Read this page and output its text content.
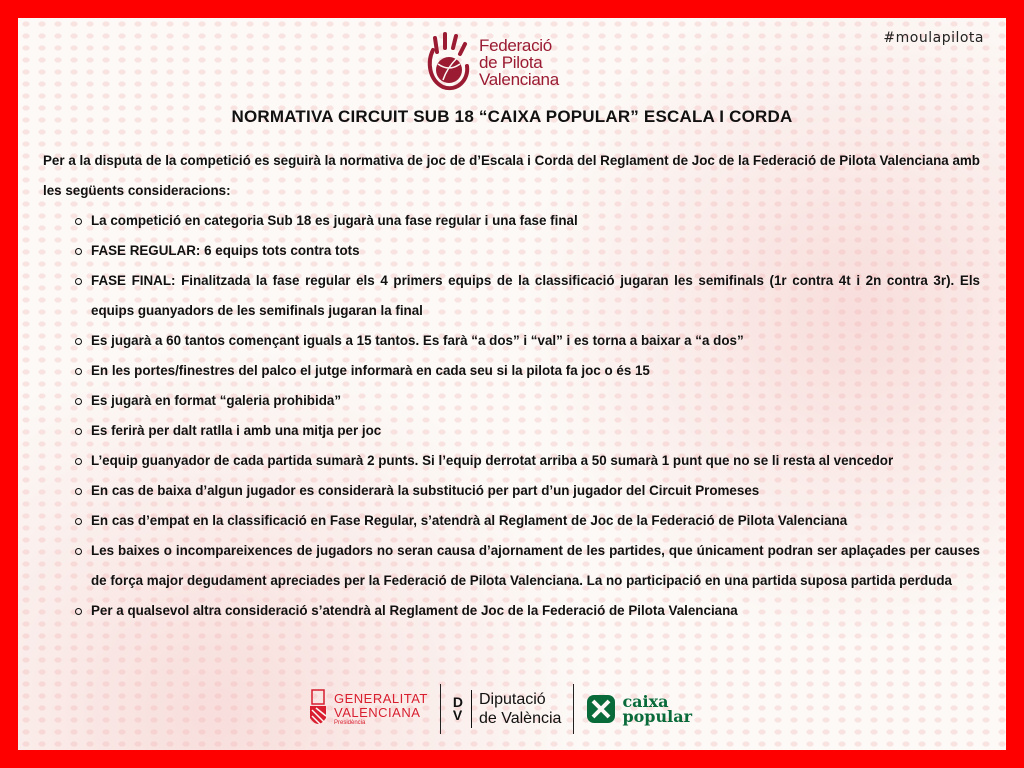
#moulapilota
Federació
de Pilota
Valenciana
NORMATIVA CIRCUIT SUB 18 “CAIXA POPULAR” ESCALA I CORDA
Per a la disputa de la competició es seguirà la normativa de joc de d’Escala i Corda del Reglament de Joc de la Federació de Pilota Valenciana amb les següents consideracions:
La competició en categoria Sub 18 es jugarà una fase regular i una fase final
FASE REGULAR: 6 equips tots contra tots
FASE FINAL: Finalitzada la fase regular els 4 primers equips de la classificació jugaran les semifinals (1r contra 4t i 2n contra 3r). Els equips guanyadors de les semifinals jugaran la final
Es jugarà a 60 tantos començant iguals a 15 tantos. Es farà “a dos” i “val” i es torna a baixar a “a dos”
En les portes/finestres del palco el jutge informarà en cada seu si la pilota fa joc o és 15
Es jugarà en format “galeria prohibida”
Es ferirà per dalt ratlla i amb una mitja per joc
L’equip guanyador de cada partida sumarà 2 punts. Si l’equip derrotat arriba a 50 sumarà 1 punt que no se li resta al vencedor
En cas de baixa d’algun jugador es considerarà la substitució per part d’un jugador del Circuit Promeses
En cas d’empat en la classificació en Fase Regular, s’atendrà al Reglament de Joc de la Federació de Pilota Valenciana
Les baixes o incompareixences de jugadors no seran causa d’ajornament de les partides, que únicament podran ser aplaçades per causes de força major degudament apreciades per la Federació de Pilota Valenciana. La no participació en una partida suposa partida perduda
Per a qualsevol altra consideració s’atendrà al Reglament de Joc de la Federació de Pilota Valenciana
GENERALITAT
VALENCIANA
Presidència
D
V
Diputació
de València
caixa
popular
